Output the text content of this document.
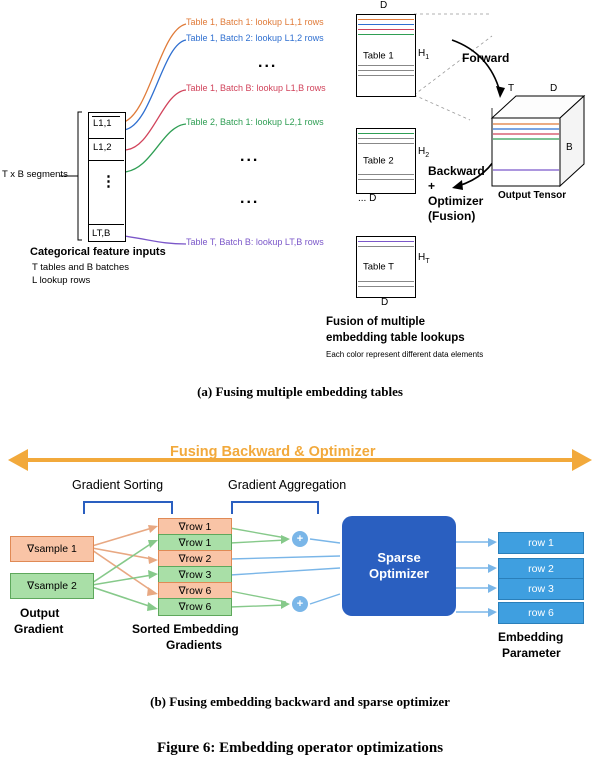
T x B segments
L1,1
L1,2
⋮
LT,B
Categorical feature inputs
T tables and B batches
L lookup rows
Table 1, Batch 1: lookup L1,1 rows
Table 1, Batch 2: lookup L1,2 rows
Table 1, Batch B: lookup L1,B rows
Table 2, Batch 1: lookup L2,1 rows
Table T, Batch B: lookup LT,B rows
...
...
...
Table 1
D
$H_1$
Table 2
$H_2$
... D
Table T
$H_T$
D
Forward
Backward
+
Optimizer
(Fusion)
T	D
B
Output Tensor
Fusion of multiple
embedding table lookups
Each color represent different data elements
(a) Fusing multiple embedding tables
Fusing Backward & Optimizer
Gradient Sorting	Gradient Aggregation
∇sample 1
∇sample 2
Output
Gradient
∇row 1
∇row 1
∇row 2
∇row 3
∇row 6
∇row 6
Sorted Embedding
Gradients
+
+
Sparse
Optimizer
row 1
row 2
row 3
row 6
Embedding
Parameter
(b) Fusing embedding backward and sparse optimizer
Figure 6: Embedding operator optimizations
